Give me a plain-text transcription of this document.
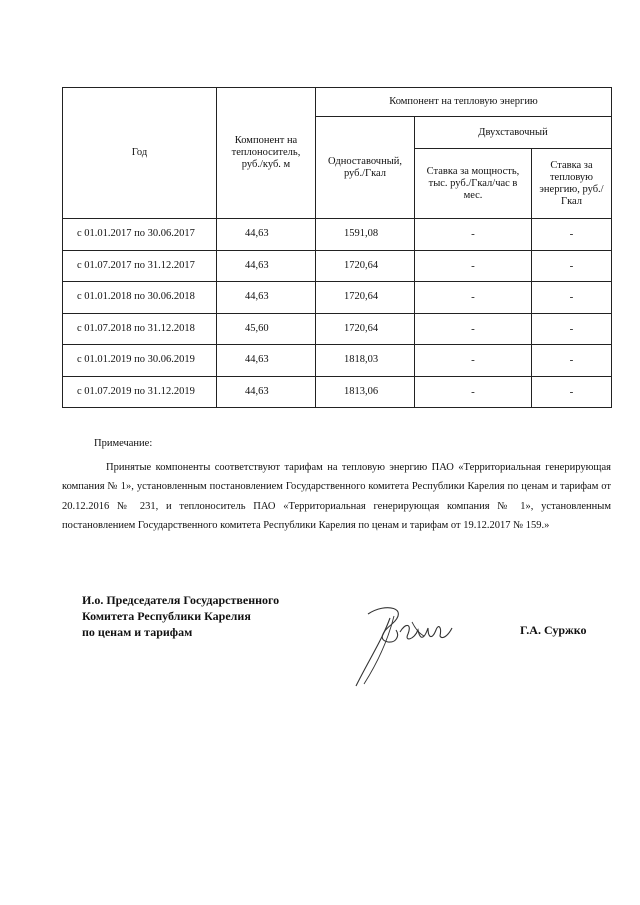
Год	Компонент на теплоноситель, руб./куб. м	Компонент на тепловую энергию		
		Одноставочный, руб./Гкал	Двухставочный	
			Ставка за мощность, тыс. руб./Гкал/час в мес.	Ставка за тепловую энергию, руб./Гкал
с 01.01.2017 по 30.06.2017	44,63	1591,08	-	-
с 01.07.2017 по 31.12.2017	44,63	1720,64	-	-
с 01.01.2018 по 30.06.2018	44,63	1720,64	-	-
с 01.07.2018 по 31.12.2018	45,60	1720,64	-	-
с 01.01.2019 по 30.06.2019	44,63	1818,03	-	-
с 01.07.2019 по 31.12.2019	44,63	1813,06	-	-

Примечание:

Принятые компоненты соответствуют тарифам на тепловую энергию ПАО «Территориальная генерирующая компания № 1», установленным постановлением Государственного комитета Республики Карелия по ценам и тарифам от 20.12.2016 № 231, и теплоноситель ПАО «Территориальная генерирующая компания № 1», установленным постановлением Государственного комитета Республики Карелия по ценам и тарифам от 19.12.2017 № 159.»

И.о. Председателя Государственного
Комитета Республики Карелия
по ценам и тарифам	Г.А. Суржко
